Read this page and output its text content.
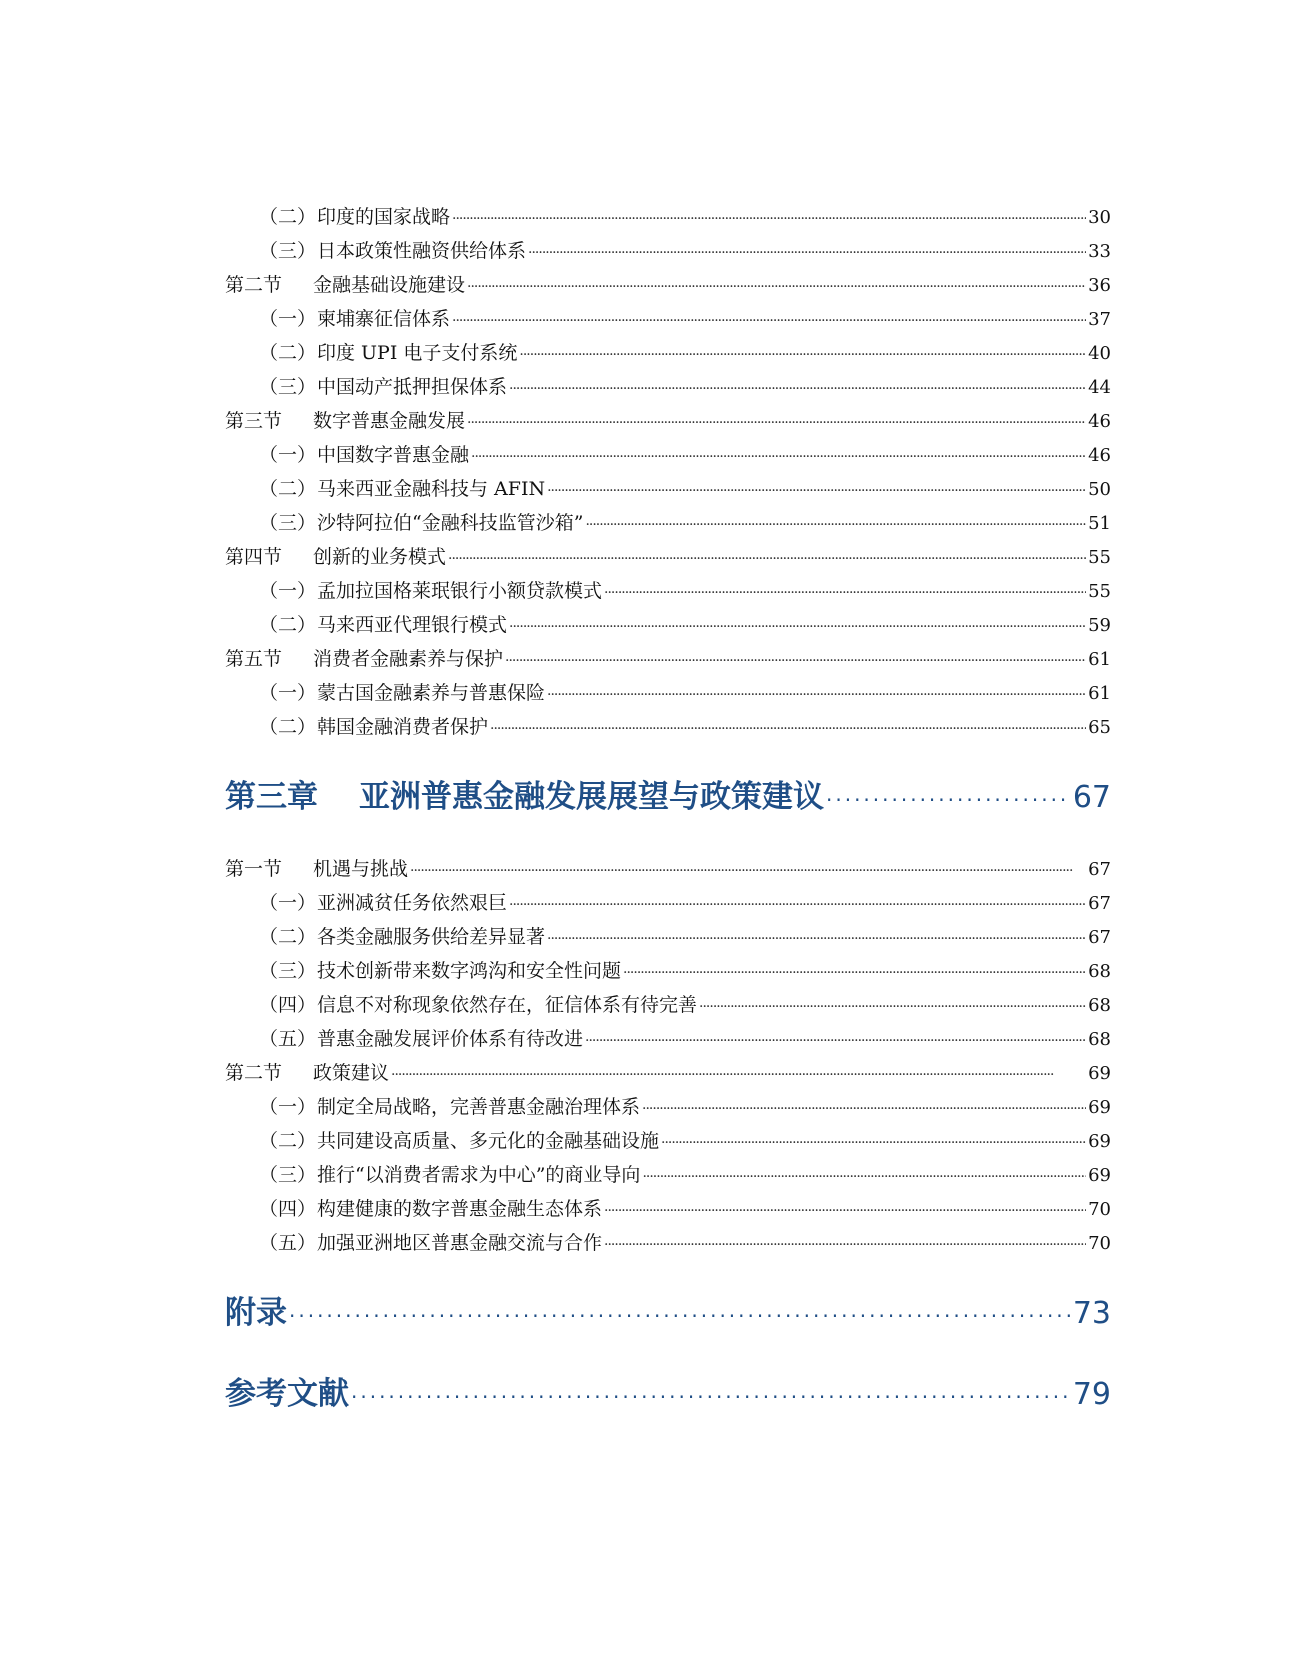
（二）印度的国家战略 ·····	30
（三）日本政策性融资供给体系 ·····	33
第二节 金融基础设施建设 ·····	36
（一）柬埔寨征信体系 ·····	37
（二）印度 UPI 电子支付系统 ·····	40
（三）中国动产抵押担保体系 ·····	44
第三节 数字普惠金融发展 ·····	46
（一）中国数字普惠金融 ·····	46
（二）马来西亚金融科技与 AFIN ·····	50
（三）沙特阿拉伯“金融科技监管沙箱” ·····	51
第四节 创新的业务模式 ·····	55
（一）孟加拉国格莱珉银行小额贷款模式 ·····	55
（二）马来西亚代理银行模式 ·····	59
第五节 消费者金融素养与保护 ·····	61
（一）蒙古国金融素养与普惠保险 ·····	61
（二）韩国金融消费者保护 ·····	65
第三章 亚洲普惠金融发展展望与政策建议 ·····	67
第一节 机遇与挑战 ·····	67
（一）亚洲减贫任务依然艰巨 ·····	67
（二）各类金融服务供给差异显著 ·····	67
（三）技术创新带来数字鸿沟和安全性问题 ·····	68
（四）信息不对称现象依然存在，征信体系有待完善 ·····	68
（五）普惠金融发展评价体系有待改进 ·····	68
第二节 政策建议 ·····	69
（一）制定全局战略，完善普惠金融治理体系 ·····	69
（二）共同建设高质量、多元化的金融基础设施 ·····	69
（三）推行“以消费者需求为中心”的商业导向 ·····	69
（四）构建健康的数字普惠金融生态体系 ·····	70
（五）加强亚洲地区普惠金融交流与合作 ·····	70
附录 ·····	73
参考文献 ·····	79
